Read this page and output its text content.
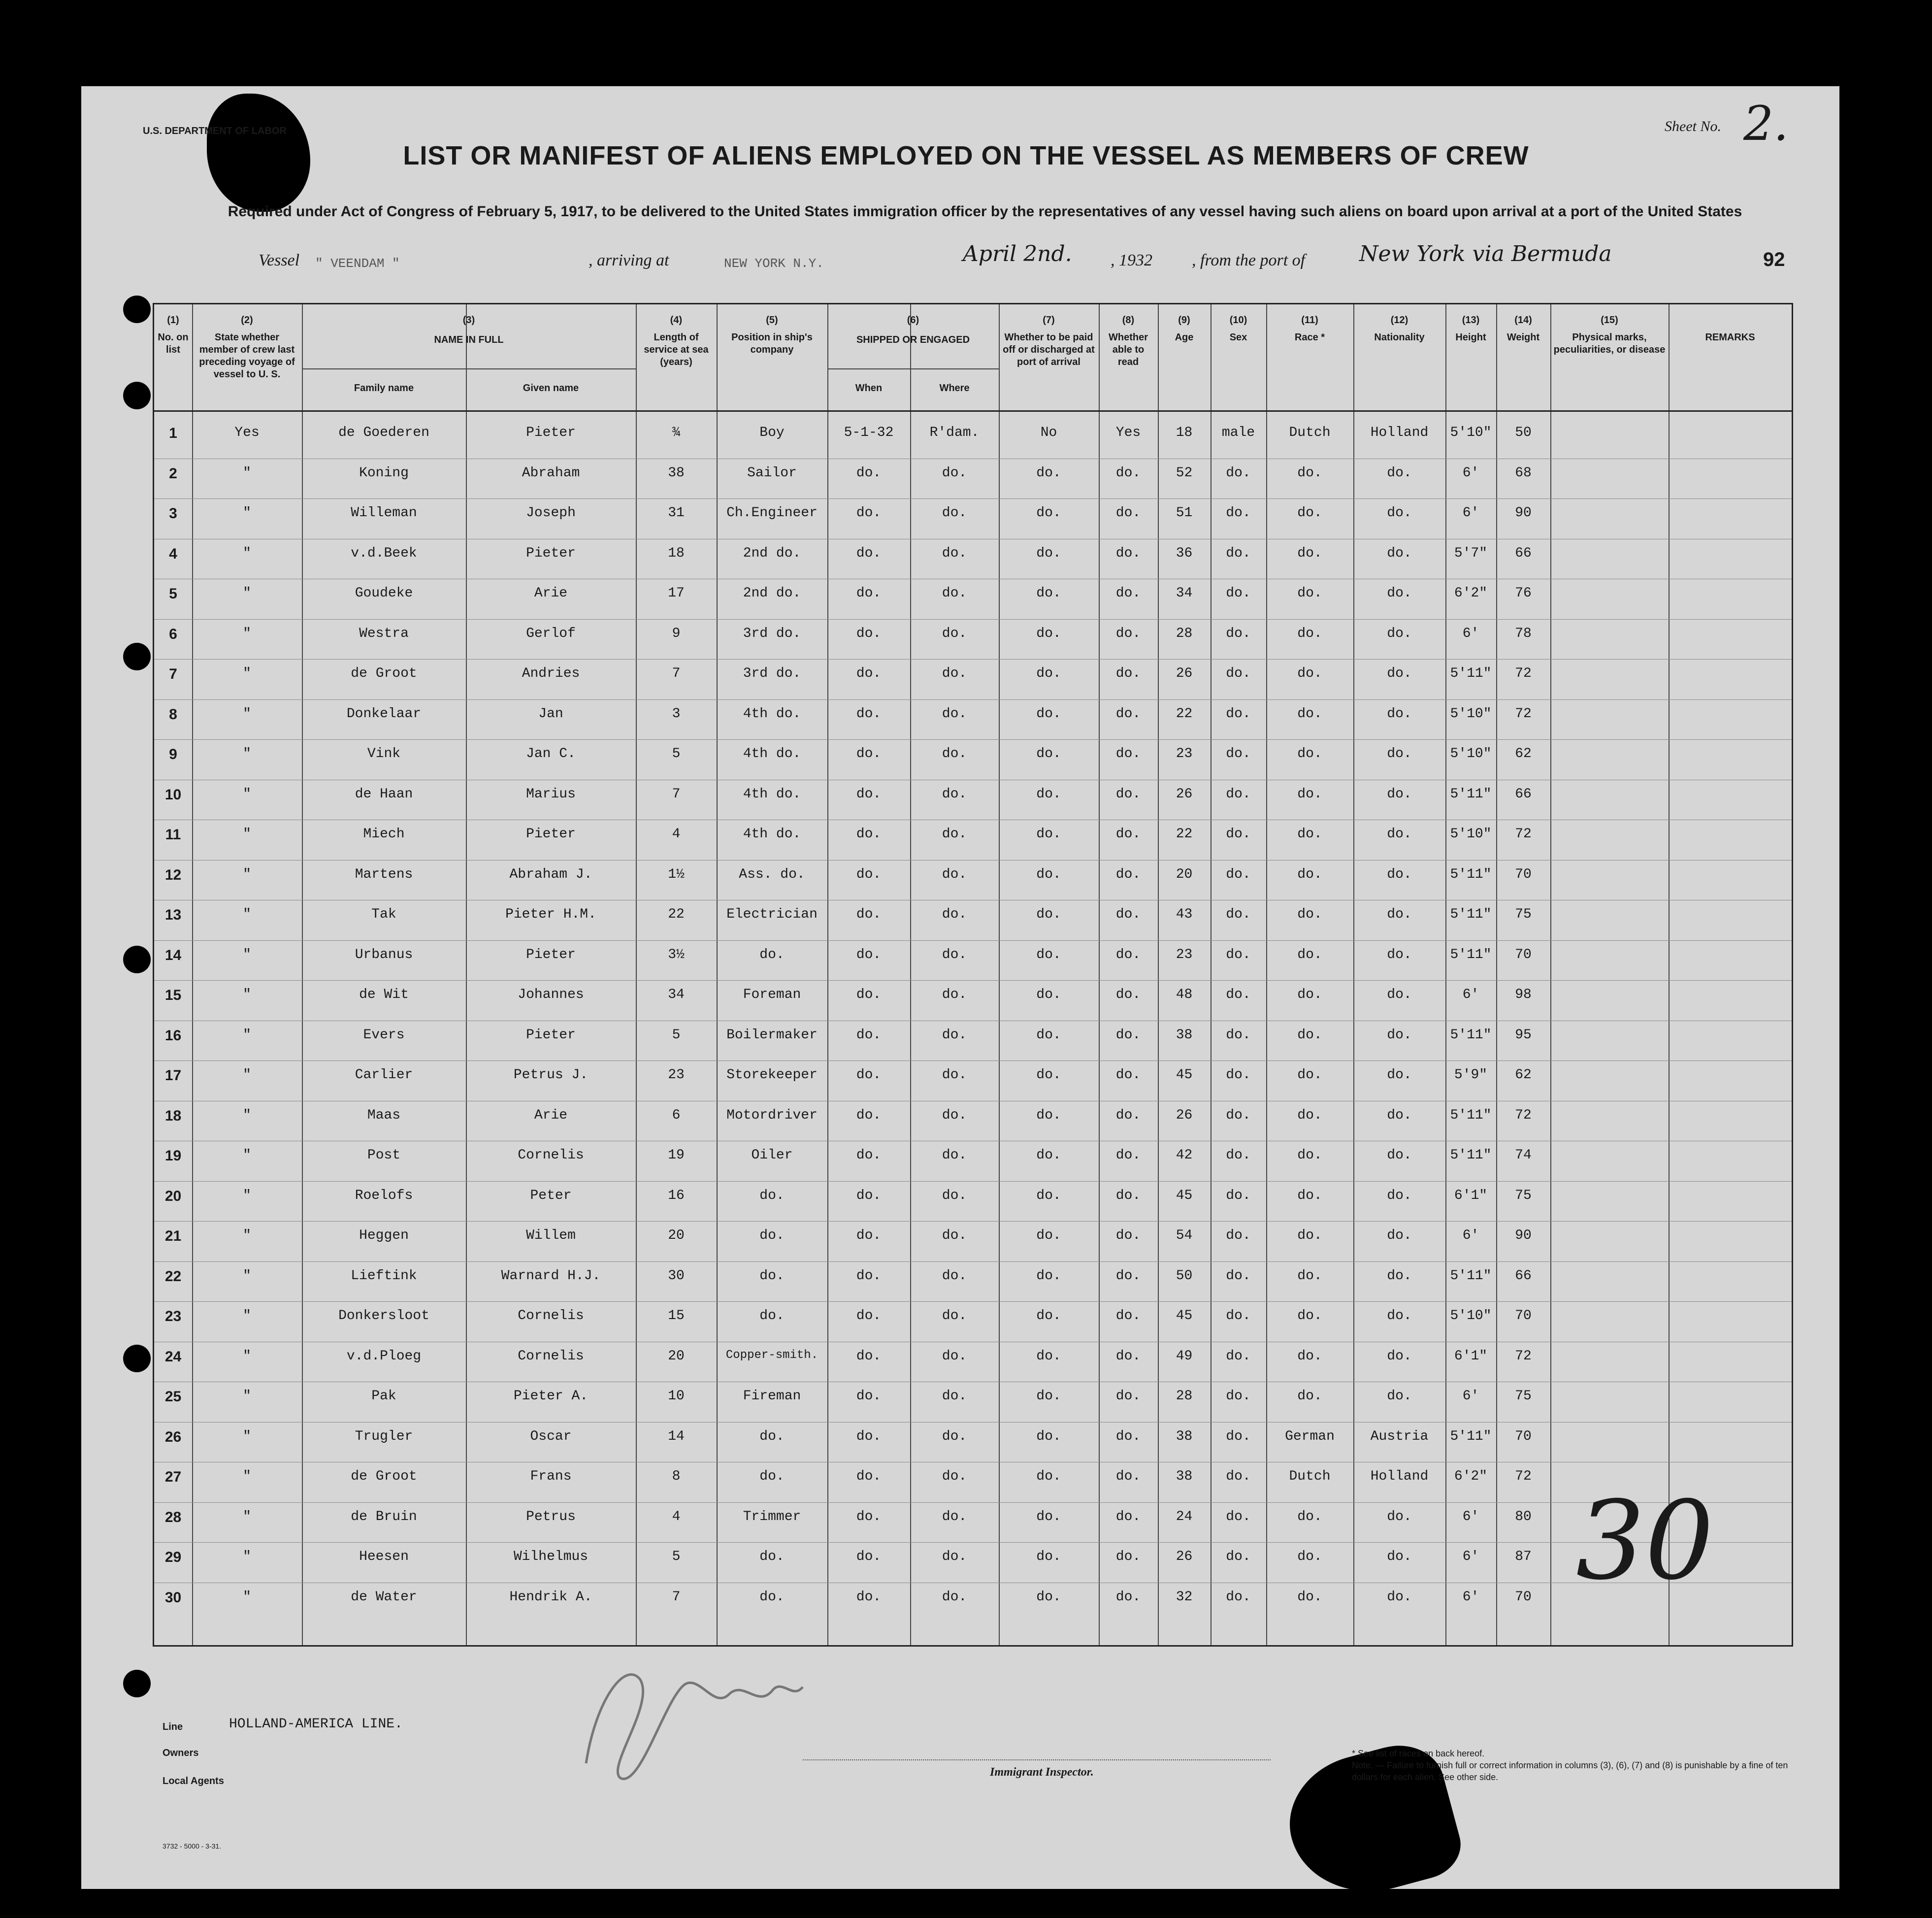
U.S. DEPARTMENT OF LABOR	Sheet No. 2.
LIST OR MANIFEST OF ALIENS EMPLOYED ON THE VESSEL AS MEMBERS OF CREW
Required under Act of Congress of February 5, 1917, to be delivered to the United States immigration officer by the representatives of any vessel having such aliens on board upon arrival at a port of the United States
Vessel " VEENDAM "	, arriving at	NEW YORK N.Y.	April 2nd. , 1932 , from the port of New York via Bermuda	92
(1)
No. on list
(2)
State whether member of crew last preceding voyage of vessel to U. S.
(3)
NAME IN FULL
Family name	Given name
(4)
Length of service at sea (years)
(5)
Position in ship's company
(6)
SHIPPED OR ENGAGED
When	Where
(7)
Whether to be paid off or discharged at port of arrival
(8)
Whether able to read
(9)
Age
(10)
Sex
(11)
Race *
(12)
Nationality
(13)
Height
(14)
Weight
(15)
Physical marks, peculiarities, or disease
REMARKS
1	Yes	de Goederen	Pieter	¾	Boy	5-1-32	R'dam.	No	Yes	18	male	Dutch	Holland	5'10"	50
2	"	Koning	Abraham	38	Sailor	do.	do.	do.	do.	52	do.	do.	do.	6'	68
3	"	Willeman	Joseph	31	Ch.Engineer	do.	do.	do.	do.	51	do.	do.	do.	6'	90
4	"	v.d.Beek	Pieter	18	2nd do.	do.	do.	do.	do.	36	do.	do.	do.	5'7"	66
5	"	Goudeke	Arie	17	2nd do.	do.	do.	do.	do.	34	do.	do.	do.	6'2"	76
6	"	Westra	Gerlof	9	3rd do.	do.	do.	do.	do.	28	do.	do.	do.	6'	78
7	"	de Groot	Andries	7	3rd do.	do.	do.	do.	do.	26	do.	do.	do.	5'11"	72
8	"	Donkelaar	Jan	3	4th do.	do.	do.	do.	do.	22	do.	do.	do.	5'10"	72
9	"	Vink	Jan C.	5	4th do.	do.	do.	do.	do.	23	do.	do.	do.	5'10"	62
10	"	de Haan	Marius	7	4th do.	do.	do.	do.	do.	26	do.	do.	do.	5'11"	66
11	"	Miech	Pieter	4	4th do.	do.	do.	do.	do.	22	do.	do.	do.	5'10"	72
12	"	Martens	Abraham J.	1½	Ass. do.	do.	do.	do.	do.	20	do.	do.	do.	5'11"	70
13	"	Tak	Pieter H.M.	22	Electrician	do.	do.	do.	do.	43	do.	do.	do.	5'11"	75
14	"	Urbanus	Pieter	3½	do.	do.	do.	do.	do.	23	do.	do.	do.	5'11"	70
15	"	de Wit	Johannes	34	Foreman	do.	do.	do.	do.	48	do.	do.	do.	6'	98
16	"	Evers	Pieter	5	Boilermaker	do.	do.	do.	do.	38	do.	do.	do.	5'11"	95
17	"	Carlier	Petrus J.	23	Storekeeper	do.	do.	do.	do.	45	do.	do.	do.	5'9"	62
18	"	Maas	Arie	6	Motordriver	do.	do.	do.	do.	26	do.	do.	do.	5'11"	72
19	"	Post	Cornelis	19	Oiler	do.	do.	do.	do.	42	do.	do.	do.	5'11"	74
20	"	Roelofs	Peter	16	do.	do.	do.	do.	do.	45	do.	do.	do.	6'1"	75
21	"	Heggen	Willem	20	do.	do.	do.	do.	do.	54	do.	do.	do.	6'	90
22	"	Lieftink	Warnard H.J.	30	do.	do.	do.	do.	do.	50	do.	do.	do.	5'11"	66
23	"	Donkersloot	Cornelis	15	do.	do.	do.	do.	do.	45	do.	do.	do.	5'10"	70
24	"	v.d.Ploeg	Cornelis	20	Copper-smith.	do.	do.	do.	do.	49	do.	do.	do.	6'1"	72
25	"	Pak	Pieter A.	10	Fireman	do.	do.	do.	do.	28	do.	do.	do.	6'	75
26	"	Trugler	Oscar	14	do.	do.	do.	do.	do.	38	do.	German	Austria	5'11"	70
27	"	de Groot	Frans	8	do.	do.	do.	do.	do.	38	do.	Dutch	Holland	6'2"	72
28	"	de Bruin	Petrus	4	Trimmer	do.	do.	do.	do.	24	do.	do.	do.	6'	80
29	"	Heesen	Wilhelmus	5	do.	do.	do.	do.	do.	26	do.	do.	do.	6'	87
30	"	de Water	Hendrik A.	7	do.	do.	do.	do.	do.	32	do.	do.	do.	6'	70
Line	HOLLAND-AMERICA LINE.
Owners
Local Agents
Immigrant Inspector.
* See list of races on back hereof.
Note. — Failure to furnish full or correct information in columns (3), (6), (7) and (8) is punishable by a fine of ten dollars for each alien. See other side.
3732 - 5000 - 3-31.
30
